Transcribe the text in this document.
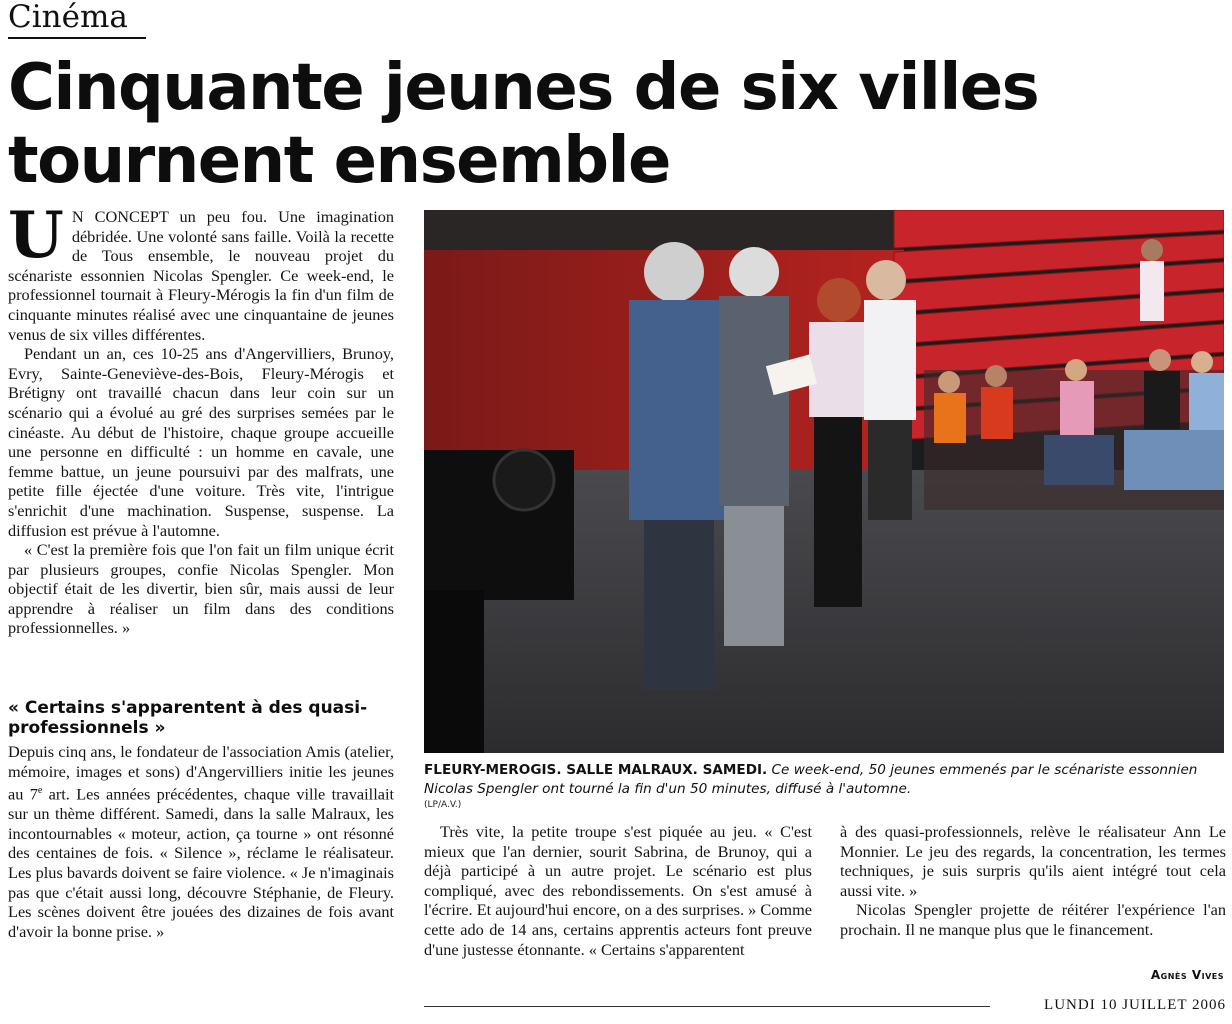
Cinéma
Cinquante jeunes de six villes
tournent ensemble

U N CONCEPT un peu fou. Une imagination débridée. Une volonté sans faille. Voilà la recette de Tous ensemble, le nouveau projet du scénariste essonnien Nicolas Spengler. Ce week-end, le professionnel tournait à Fleury-Mérogis la fin d'un film de cinquante minutes réalisé avec une cinquantaine de jeunes venus de six villes différentes.

Pendant un an, ces 10-25 ans d'Angervilliers, Brunoy, Evry, Sainte-Geneviève-des-Bois, Fleury-Mérogis et Brétigny ont travaillé chacun dans leur coin sur un scénario qui a évolué au gré des surprises semées par le cinéaste. Au début de l'histoire, chaque groupe accueille une personne en difficulté : un homme en cavale, une femme battue, un jeune poursuivi par des malfrats, une petite fille éjectée d'une voiture. Très vite, l'intrigue s'enrichit d'une machination. Suspense, suspense. La diffusion est prévue à l'automne.

« C'est la première fois que l'on fait un film unique écrit par plusieurs groupes, confie Nicolas Spengler. Mon objectif était de les divertir, bien sûr, mais aussi de leur apprendre à réaliser un film dans des conditions professionnelles. »

« Certains s'apparentent à des quasi-professionnels »

Depuis cinq ans, le fondateur de l'association Amis (atelier, mémoire, images et sons) d'Angervilliers initie les jeunes au 7e art. Les années précédentes, chaque ville travaillait sur un thème différent. Samedi, dans la salle Malraux, les incontournables « moteur, action, ça tourne » ont résonné des centaines de fois. « Silence », réclame le réalisateur. Les plus bavards doivent se faire violence. « Je n'imaginais pas que c'était aussi long, découvre Stéphanie, de Fleury. Les scènes doivent être jouées des dizaines de fois avant d'avoir la bonne prise. »

FLEURY-MEROGIS. SALLE MALRAUX. SAMEDI. Ce week-end, 50 jeunes emmenés par le scénariste essonnien Nicolas Spengler ont tourné la fin d'un 50 minutes, diffusé à l'automne.
(LP/A.V.)

Très vite, la petite troupe s'est piquée au jeu. « C'est mieux que l'an dernier, sourit Sabrina, de Brunoy, qui a déjà participé à un autre projet. Le scénario est plus compliqué, avec des rebondissements. On s'est amusé à l'écrire. Et aujourd'hui encore, on a des surprises. » Comme cette ado de 14 ans, certains apprentis acteurs font preuve d'une justesse étonnante. « Certains s'apparentent

à des quasi-professionnels, relève le réalisateur Ann Le Monnier. Le jeu des regards, la concentration, les termes techniques, je suis surpris qu'ils aient intégré tout cela aussi vite. »

Nicolas Spengler projette de réitérer l'expérience l'an prochain. Il ne manque plus que le financement.

Agnès Vives
LUNDI 10 JUILLET 2006
